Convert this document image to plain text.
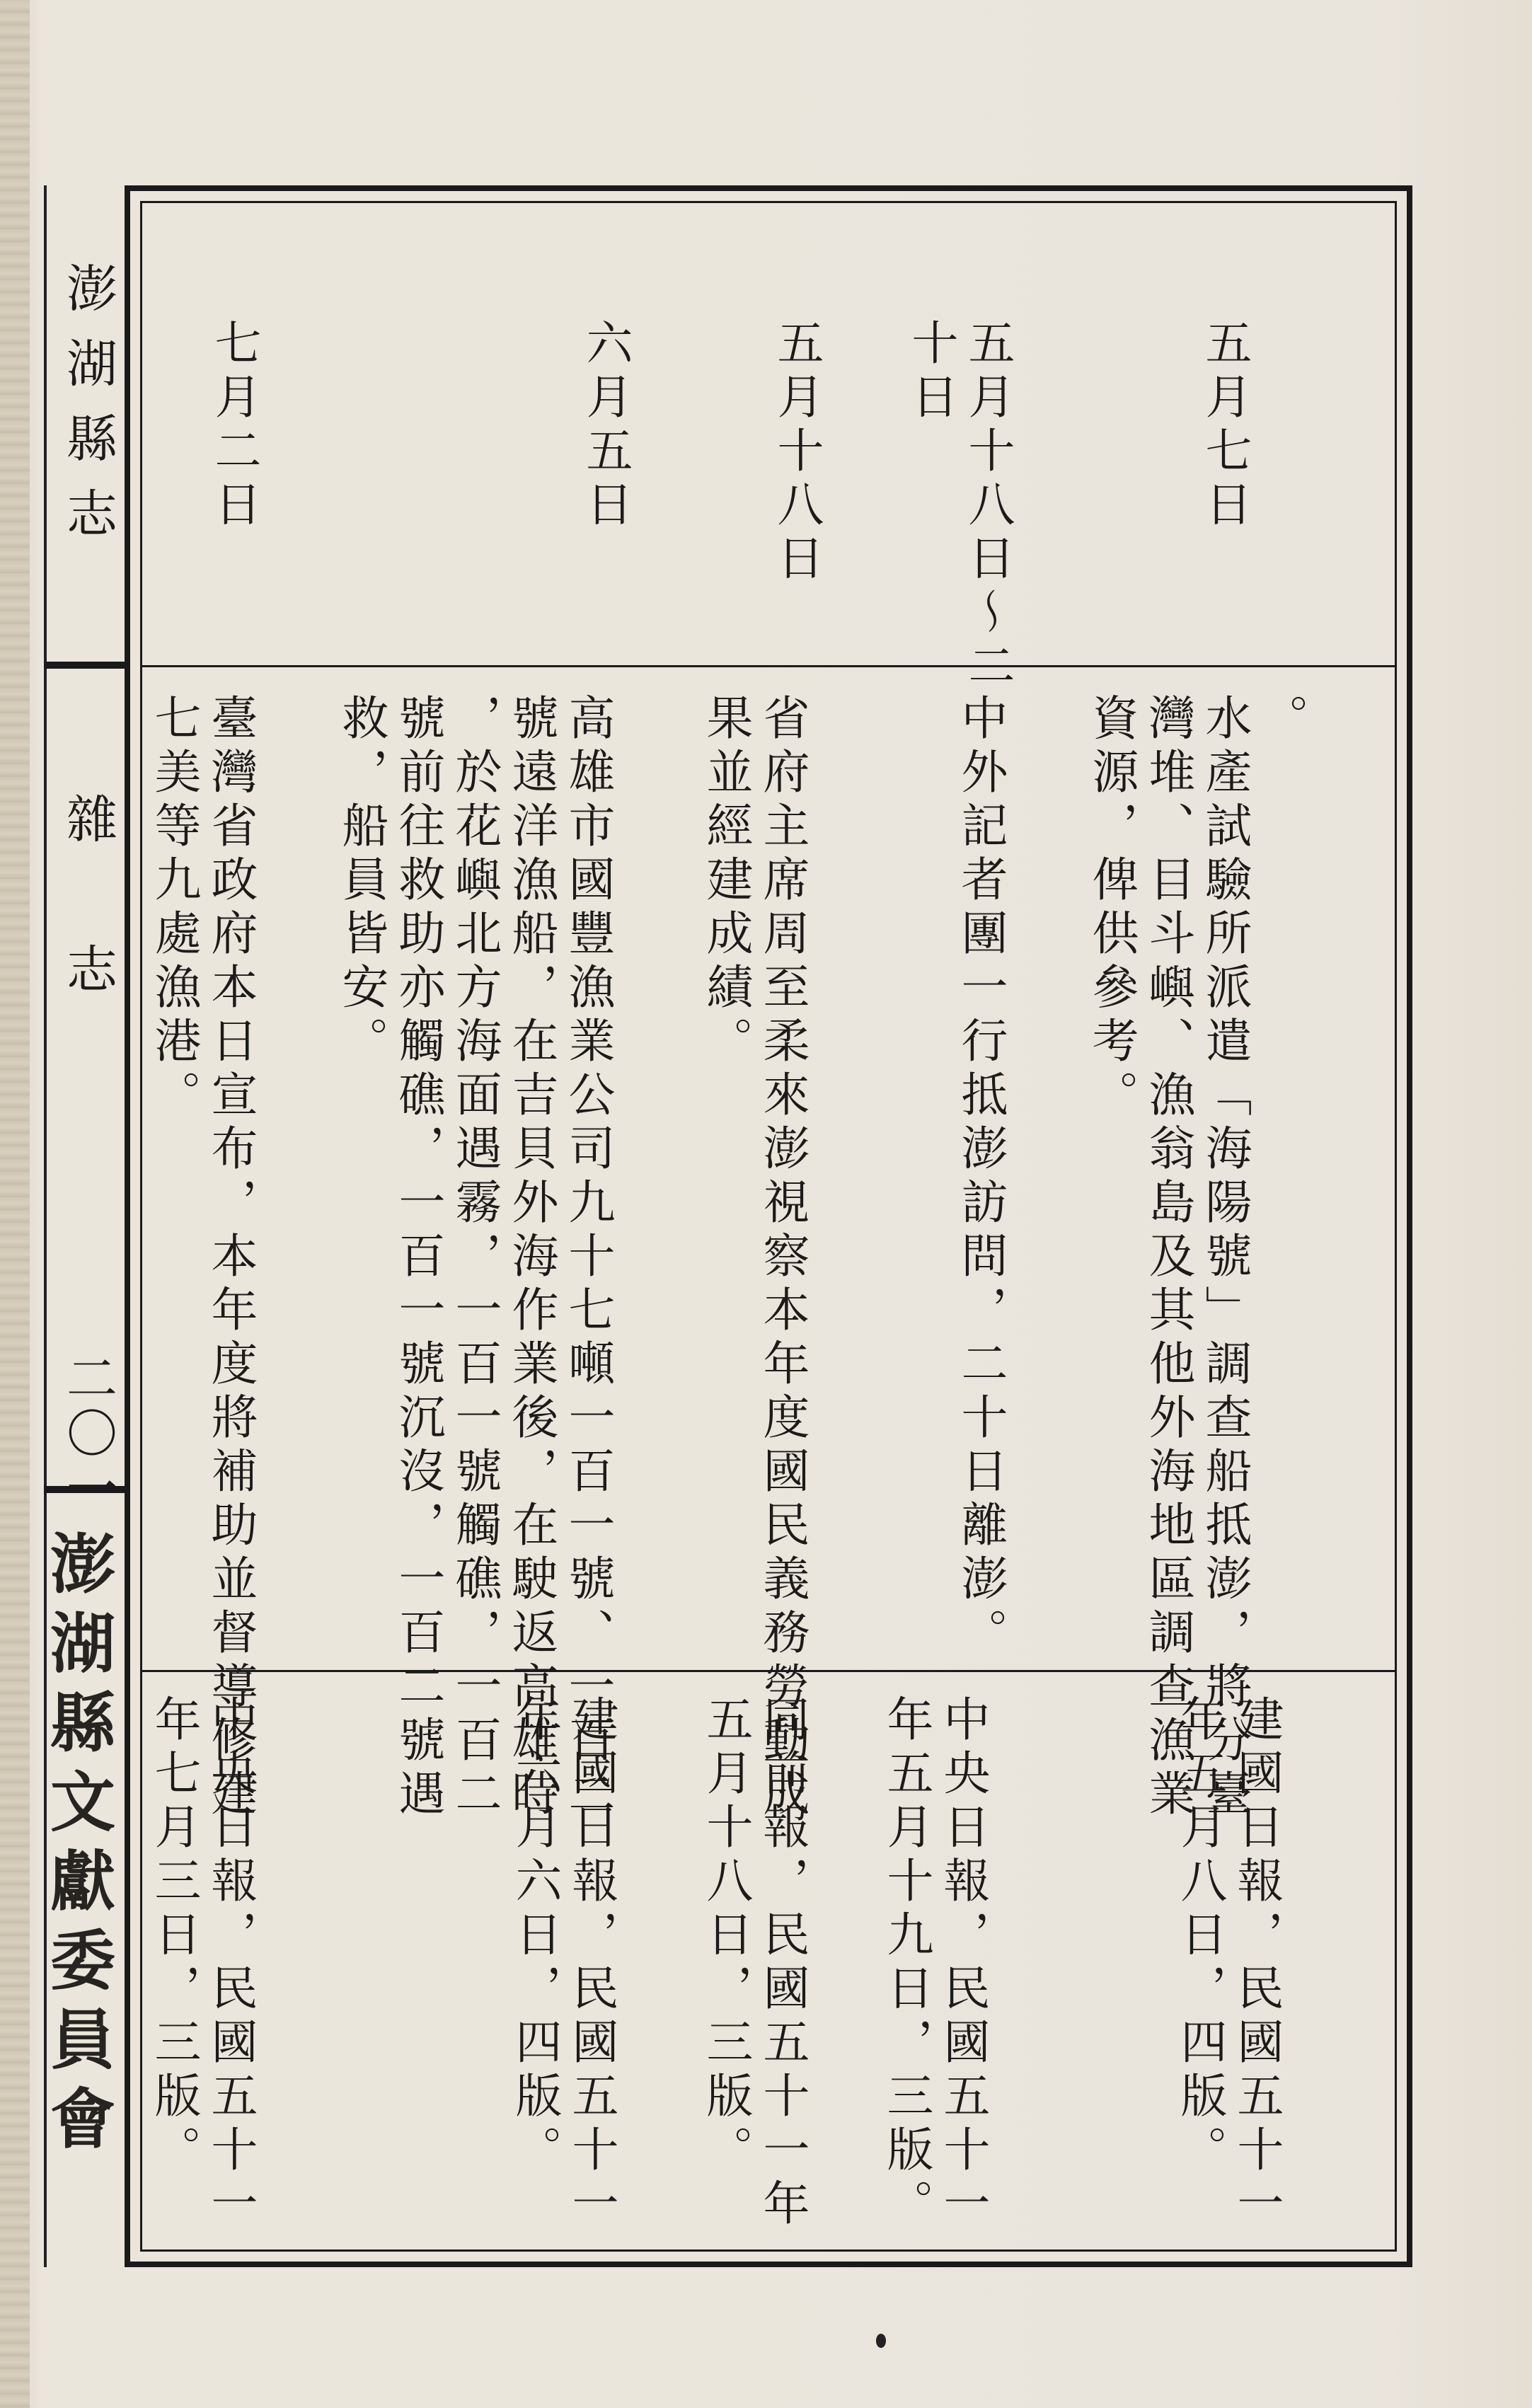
澎湖縣志
雜　志
二〇一
澎湖縣文獻委員會
五月七日
。
水產試驗所派遣「海陽號」調查船抵澎，將分臺
灣堆、目斗嶼、漁翁島及其他外海地區調查漁業
資源，俾供參考。
建國日報，民國五十一
年五月八日，四版。
五月十八日～二
十日
中外記者團一行抵澎訪問，二十日離澎。
中央日報，民國五十一
年五月十九日，三版。
五月十八日
省府主席周至柔來澎視察本年度國民義務勞動成
果並經建成績。
同前報，民國五十一年
五月十八日，三版。
六月五日
高雄市國豐漁業公司九十七噸一百一號、一百二
號遠洋漁船，在吉貝外海作業後，在駛返高雄時
，於花嶼北方海面遇霧，一百一號觸礁，一百二
號前往救助亦觸礁，一百一號沉沒，一百二號遇
救，船員皆安。
建國日報，民國五十一
年六月六日，四版。
七月二日
臺灣省政府本日宣布，本年度將補助並督導修建
七美等九處漁港。
中央日報，民國五十一
年七月三日，三版。
